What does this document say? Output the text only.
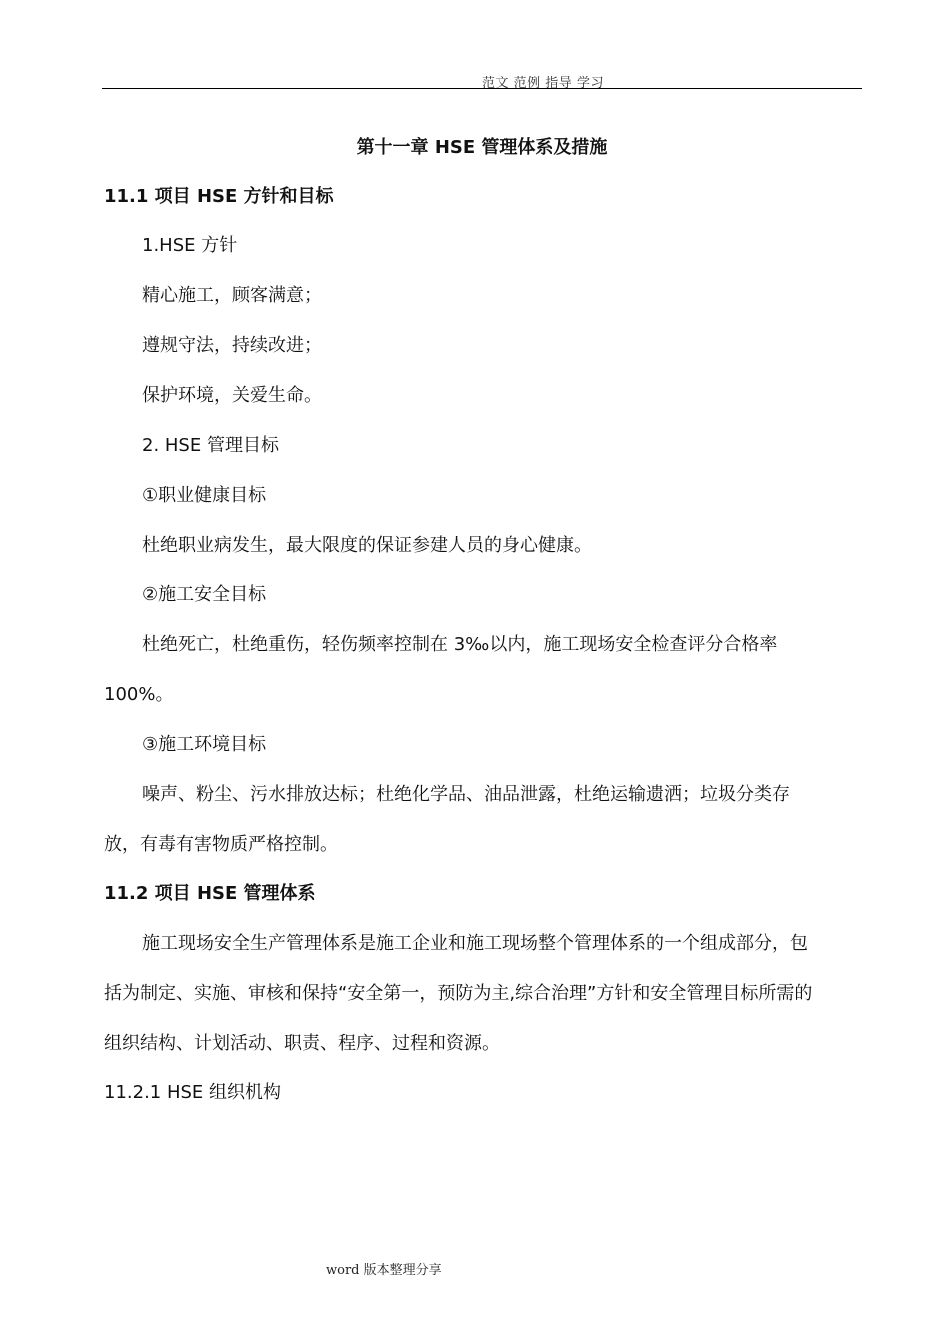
范文 范例 指导 学习
第十一章 HSE 管理体系及措施
11.1 项目 HSE 方针和目标
1.HSE 方针
精心施工，顾客满意；
遵规守法，持续改进；
保护环境，关爱生命。
2. HSE 管理目标
①职业健康目标
杜绝职业病发生，最大限度的保证参建人员的身心健康。
②施工安全目标
杜绝死亡，杜绝重伤，轻伤频率控制在 3‰以内，施工现场安全检查评分合格率
100%。
③施工环境目标
噪声、粉尘、污水排放达标；杜绝化学品、油品泄露，杜绝运输遗洒；垃圾分类存
放，有毒有害物质严格控制。
11.2 项目 HSE 管理体系
施工现场安全生产管理体系是施工企业和施工现场整个管理体系的一个组成部分，包
括为制定、实施、审核和保持“安全第一，预防为主,综合治理”方针和安全管理目标所需的
组织结构、计划活动、职责、程序、过程和资源。
11.2.1 HSE 组织机构
word 版本整理分享
